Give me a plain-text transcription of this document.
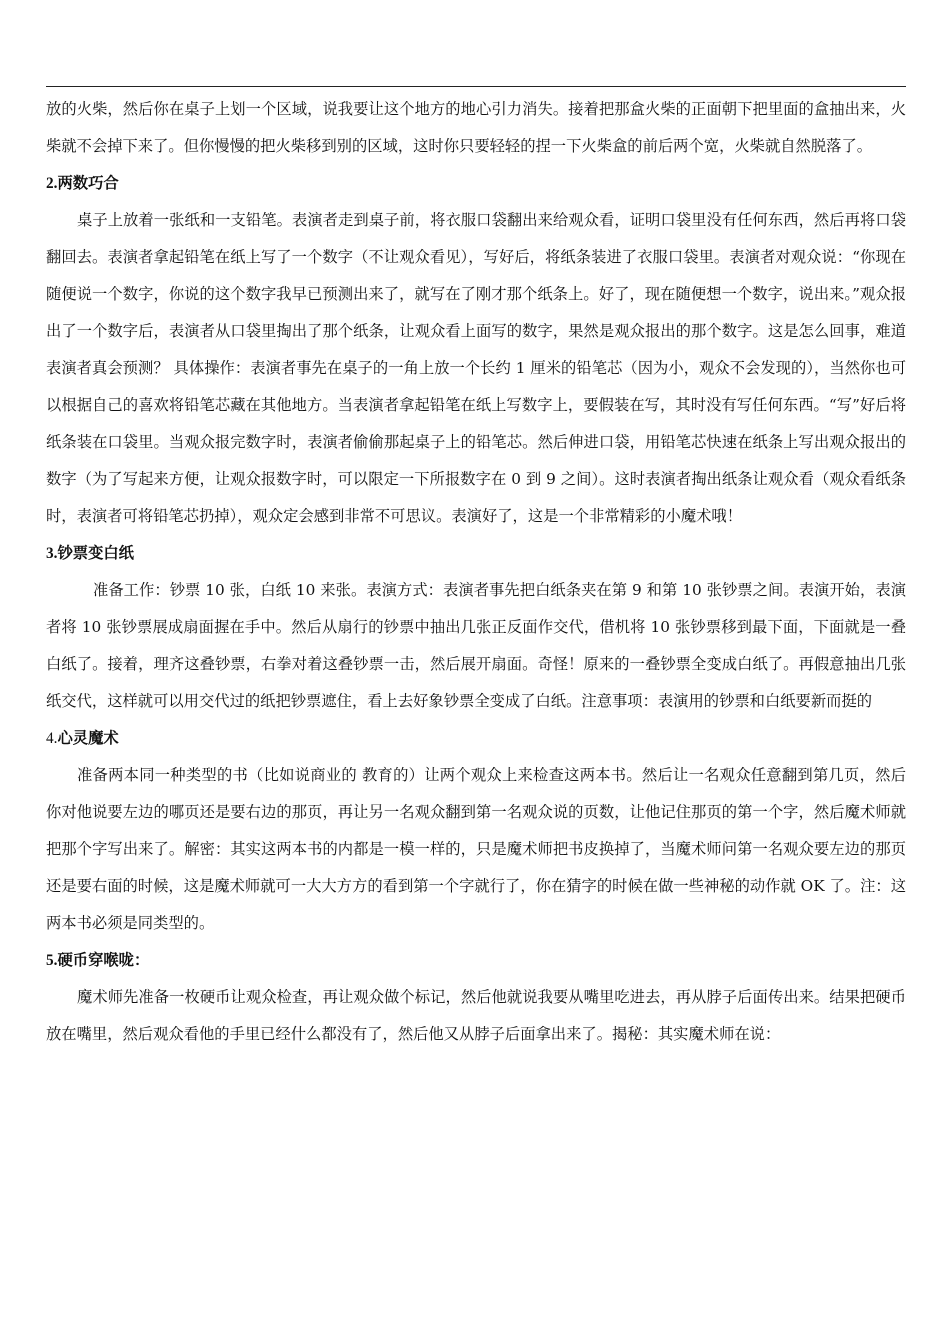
放的火柴，然后你在桌子上划一个区域，说我要让这个地方的地心引力消失。接着把那盒火柴的正面朝下把里面的盒抽出来，火柴就不会掉下来了。但你慢慢的把火柴移到别的区域，这时你只要轻轻的捏一下火柴盒的前后两个宽，火柴就自然脱落了。

2.两数巧合

桌子上放着一张纸和一支铅笔。表演者走到桌子前，将衣服口袋翻出来给观众看，证明口袋里没有任何东西，然后再将口袋翻回去。表演者拿起铅笔在纸上写了一个数字（不让观众看见），写好后，将纸条装进了衣服口袋里。表演者对观众说：“你现在随便说一个数字，你说的这个数字我早已预测出来了，就写在了刚才那个纸条上。好了，现在随便想一个数字，说出来。”观众报出了一个数字后，表演者从口袋里掏出了那个纸条，让观众看上面写的数字，果然是观众报出的那个数字。这是怎么回事，难道表演者真会预测？ 具体操作：表演者事先在桌子的一角上放一个长约 1 厘米的铅笔芯（因为小，观众不会发现的），当然你也可以根据自己的喜欢将铅笔芯藏在其他地方。当表演者拿起铅笔在纸上写数字上，要假装在写，其时没有写任何东西。“写”好后将纸条装在口袋里。当观众报完数字时，表演者偷偷那起桌子上的铅笔芯。然后伸进口袋，用铅笔芯快速在纸条上写出观众报出的数字（为了写起来方便，让观众报数字时，可以限定一下所报数字在 0 到 9 之间）。这时表演者掏出纸条让观众看（观众看纸条时，表演者可将铅笔芯扔掉），观众定会感到非常不可思议。表演好了，这是一个非常精彩的小魔术哦！

3.钞票变白纸

准备工作：钞票 10 张，白纸 10 来张。表演方式：表演者事先把白纸条夹在第 9 和第 10 张钞票之间。表演开始，表演者将 10 张钞票展成扇面握在手中。然后从扇行的钞票中抽出几张正反面作交代，借机将 10 张钞票移到最下面，下面就是一叠白纸了。接着，理齐这叠钞票，右拳对着这叠钞票一击，然后展开扇面。奇怪！原来的一叠钞票全变成白纸了。再假意抽出几张纸交代，这样就可以用交代过的纸把钞票遮住，看上去好象钞票全变成了白纸。注意事项：表演用的钞票和白纸要新而挺的

4.心灵魔术

准备两本同一种类型的书（比如说商业的 教育的）让两个观众上来检查这两本书。然后让一名观众任意翻到第几页，然后你对他说要左边的哪页还是要右边的那页，再让另一名观众翻到第一名观众说的页数，让他记住那页的第一个字，然后魔术师就把那个字写出来了。解密：其实这两本书的内都是一模一样的，只是魔术师把书皮换掉了，当魔术师问第一名观众要左边的那页还是要右面的时候，这是魔术师就可一大大方方的看到第一个字就行了，你在猜字的时候在做一些神秘的动作就 OK 了。注：这两本书必须是同类型的。

5.硬币穿喉咙：

魔术师先准备一枚硬币让观众检查，再让观众做个标记，然后他就说我要从嘴里吃进去，再从脖子后面传出来。结果把硬币放在嘴里，然后观众看他的手里已经什么都没有了，然后他又从脖子后面拿出来了。揭秘：其实魔术师在说：
